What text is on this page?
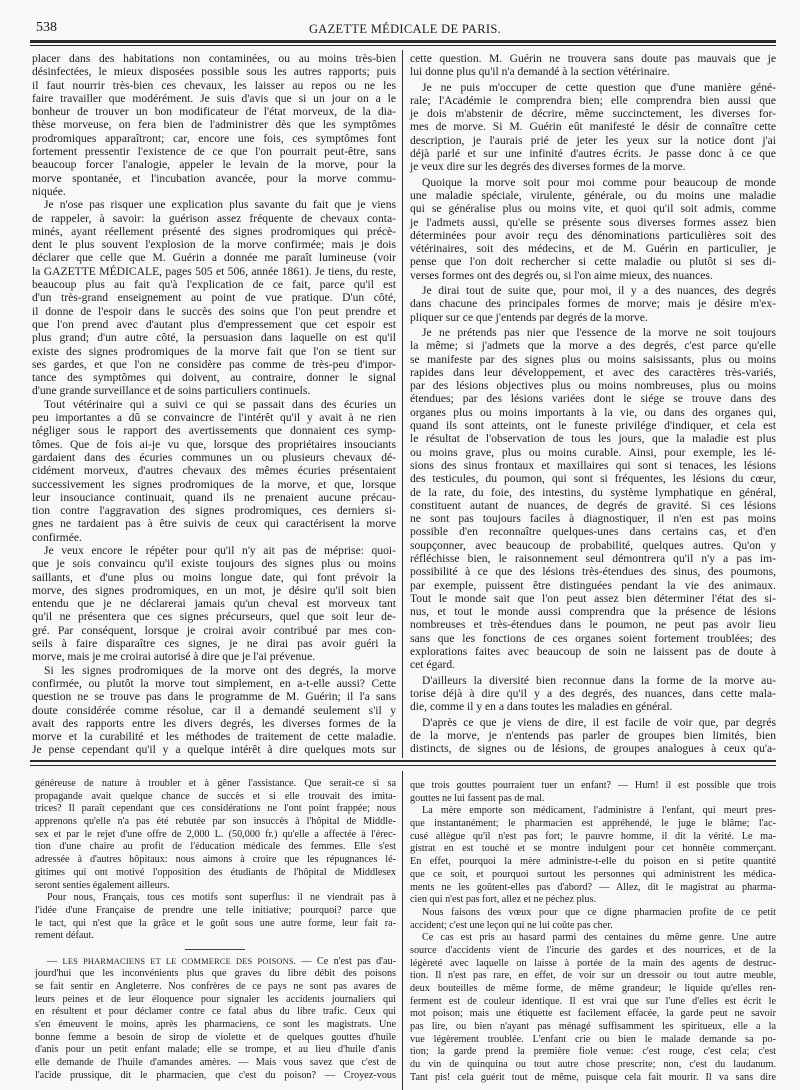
538	GAZETTE MÉDICALE DE PARIS.
placer dans des habitations non contaminées, ou au moins très-bien
désinfectées, le mieux disposées possible sous les autres rapports; puis
il faut nourrir très-bien ces chevaux, les laisser au repos ou ne les
faire travailler que modérément. Je suis d'avis que si un jour on a le
bonheur de trouver un bon modificateur de l'état morveux, de la dia-
thèse morveuse, on fera bien de l'administrer dès que les symptômes
prodromiques apparaîtront; car, encore une fois, ces symptômes font
fortement pressentir l'existence de ce que l'on pourrait peut-être, sans
beaucoup forcer l'analogie, appeler le levain de la morve, pour la
morve spontanée, et l'incubation avancée, pour la morve commu-
niquée.
Je n'ose pas risquer une explication plus savante du fait que je viens
de rappeler, à savoir: la guérison assez fréquente de chevaux conta-
minés, ayant réellement présenté des signes prodromiques qui précè-
dent le plus souvent l'explosion de la morve confirmée; mais je dois
déclarer que celle que M. Guérin a donnée me paraît lumineuse (voir
la GAZETTE MÉDICALE, pages 505 et 506, année 1861). Je tiens, du reste,
beaucoup plus au fait qu'à l'explication de ce fait, parce qu'il est
d'un très-grand enseignement au point de vue pratique. D'un côté,
il donne de l'espoir dans le succès des soins que l'on peut prendre et
que l'on prend avec d'autant plus d'empressement que cet espoir est
plus grand; d'un autre côté, la persuasion dans laquelle on est qu'il
existe des signes prodromiques de la morve fait que l'on se tient sur
ses gardes, et que l'on ne considère pas comme de très-peu d'impor-
tance des symptômes qui doivent, au contraire, donner le signal
d'une grande surveillance et de soins particuliers continuels.
Tout vétérinaire qui a suivi ce qui se passait dans des écuries un
peu importantes a dû se convaincre de l'intérêt qu'il y avait à ne rien
négliger sous le rapport des avertissements que donnaient ces symp-
tômes. Que de fois ai-je vu que, lorsque des propriétaires insouciants
gardaient dans des écuries communes un ou plusieurs chevaux dé-
cidément morveux, d'autres chevaux des mêmes écuries présentaient
successivement les signes prodromiques de la morve, et que, lorsque
leur insouciance continuait, quand ils ne prenaient aucune précau-
tion contre l'aggravation des signes prodromiques, ces derniers si-
gnes ne tardaient pas à être suivis de ceux qui caractérisent la morve
confirmée.
Je veux encore le répéter pour qu'il n'y ait pas de méprise: quoi-
que je sois convaincu qu'il existe toujours des signes plus ou moins
saillants, et d'une plus ou moins longue date, qui font prévoir la
morve, des signes prodromiques, en un mot, je désire qu'il soit bien
entendu que je ne déclarerai jamais qu'un cheval est morveux tant
qu'il ne présentera que ces signes précurseurs, quel que soit leur de-
gré. Par conséquent, lorsque je croirai avoir contribué par mes con-
seils à faire disparaître ces signes, je ne dirai pas avoir guéri la
morve, mais je me croirai autorisé à dire que je l'ai prévenue.
Si les signes prodromiques de la morve ont des degrés, la morve
confirmée, ou plutôt la morve tout simplement, en a-t-elle aussi? Cette
question ne se trouve pas dans le programme de M. Guérin; il l'a sans
doute considérée comme résolue, car il a demandé seulement s'il y
avait des rapports entre les divers degrés, les diverses formes de la
morve et la curabilité et les méthodes de traitement de cette maladie.
Je pense cependant qu'il y a quelque intérêt à dire quelques mots sur
cette question. M. Guérin ne trouvera sans doute pas mauvais que je
lui donne plus qu'il n'a demandé à la section vétérinaire.
Je ne puis m'occuper de cette question que d'une manière géné-
rale; l'Académie le comprendra bien; elle comprendra bien aussi que
je dois m'abstenir de décrire, même succinctement, les diverses for-
mes de morve. Si M. Guérin eût manifesté le désir de connaître cette
description, je l'aurais prié de jeter les yeux sur la notice dont j'ai
déjà parlé et sur une infinité d'autres écrits. Je passe donc à ce que
je veux dire sur les degrés des diverses formes de la morve.
Quoique la morve soit pour moi comme pour beaucoup de monde
une maladie spéciale, virulente, générale, ou du moins une maladie
qui se généralise plus ou moins vite, et quoi qu'il soit admis, comme
je l'admets aussi, qu'elle se présente sous diverses formes assez bien
déterminées pour avoir reçu des dénominations particulières soit des
vétérinaires, soit des médecins, et de M. Guérin en particulier, je
pense que l'on doit rechercher si cette maladie ou plutôt si ses di-
verses formes ont des degrés ou, si l'on aime mieux, des nuances.
Je dirai tout de suite que, pour moi, il y a des nuances, des degrés
dans chacune des principales formes de morve; mais je désire m'ex-
pliquer sur ce que j'entends par degrés de la morve.
Je ne prétends pas nier que l'essence de la morve ne soit toujours
la même; si j'admets que la morve a des degrés, c'est parce qu'elle
se manifeste par des signes plus ou moins saisissants, plus ou moins
rapides dans leur développement, et avec des caractères très-variés,
par des lésions objectives plus ou moins nombreuses, plus ou moins
étendues; par des lésions variées dont le siége se trouve dans des
organes plus ou moins importants à la vie, ou dans des organes qui,
quand ils sont atteints, ont le funeste privilége d'indiquer, et cela est
le résultat de l'observation de tous les jours, que la maladie est plus
ou moins grave, plus ou moins curable. Ainsi, pour exemple, les lé-
sions des sinus frontaux et maxillaires qui sont si tenaces, les lésions
des testicules, du poumon, qui sont si fréquentes, les lésions du cœur,
de la rate, du foie, des intestins, du système lymphatique en général,
constituent autant de nuances, de degrés de gravité. Si ces lésions
ne sont pas toujours faciles à diagnostiquer, il n'en est pas moins
possible d'en reconnaître quelques-unes dans certains cas, et d'en
soupçonner, avec beaucoup de probabilité, quelques autres. Qu'on y
réfléchisse bien, le raisonnement seul démontrera qu'il n'y a pas im-
possibilité à ce que des lésions très-étendues des sinus, des poumons,
par exemple, puissent être distinguées pendant la vie des animaux.
Tout le monde sait que l'on peut assez bien déterminer l'état des si-
nus, et tout le monde aussi comprendra que la présence de lésions
nombreuses et très-étendues dans le poumon, ne peut pas avoir lieu
sans que les fonctions de ces organes soient fortement troublées; des
explorations faites avec beaucoup de soin ne laissent pas de doute à
cet égard.
D'ailleurs la diversité bien reconnue dans la forme de la morve au-
torise déjà à dire qu'il y a des degrés, des nuances, dans cette mala-
die, comme il y en a dans toutes les maladies en général.
D'après ce que je viens de dire, il est facile de voir que, par degrés
de la morve, je n'entends pas parler de groupes bien limités, bien
distincts, de signes ou de lésions, de groupes analogues à ceux qu'a-
généreuse de nature à troubler et à gêner l'assistance. Que serait-ce si sa
propagande avait quelque chance de succès et si elle trouvait des imita-
trices? Il paraît cependant que ces considérations ne l'ont point frappée; nous
apprenons qu'elle n'a pas été rebutée par son insuccès à l'hôpital de Middle-
sex et par le rejet d'une offre de 2,000 L. (50,000 fr.) qu'elle a affectée à l'érec-
tion d'une chaire au profit de l'éducation médicale des femmes. Elle s'est
adressée à d'autres hôpitaux: nous aimons à croire que les répugnances lé-
gitimes qui ont motivé l'opposition des étudiants de l'hôpital de Middlesex
seront senties également ailleurs.
Pour nous, Français, tous ces motifs sont superflus: il ne viendrait pas à
l'idée d'une Française de prendre une telle initiative; pourquoi? parce que
le tact, qui n'est que la grâce et le goût sous une autre forme, leur fait ra-
rement défaut.
— LES PHARMACIENS ET LE COMMERCE DES POISONS. — Ce n'est pas d'au-
jourd'hui que les inconvénients plus que graves du libre débit des poisons
se fait sentir en Angleterre. Nos confrères de ce pays ne sont pas avares de
leurs peines et de leur éloquence pour signaler les accidents journaliers qui
en résultent et pour déclamer contre ce fatal abus du libre trafic. Ceux qui
s'en émeuvent le moins, après les pharmaciens, ce sont les magistrats. Une
bonne femme a besoin de sirop de violette et de quelques gouttes d'huile
d'anis pour un petit enfant malade; elle se trompe, et au lieu d'huile d'anis
elle demande de l'huile d'amandes amères. — Mais vous savez que c'est de
l'acide prussique, dit le pharmacien, que c'est du poison? — Croyez-vous
que trois gouttes pourraient tuer un enfant? — Hum! il est possible que trois
gouttes ne lui fassent pas de mal.
La mère emporte son médicament, l'administre à l'enfant, qui meurt pres-
que instantanément; le pharmacien est appréhendé, le juge le blâme; l'ac-
cusé allègue qu'il n'est pas fort; le pauvre homme, il dit la vérité. Le ma-
gistrat en est touché et se montre indulgent pour cet honnête commerçant.
En effet, pourquoi la mère administre-t-elle du poison en si petite quantité
que ce soit, et pourquoi surtout les personnes qui administrent les médica-
ments ne les goûtent-elles pas d'abord? — Allez, dit le magistrat au pharma-
cien qui n'est pas fort, allez et ne péchez plus.
Nous faisons des vœux pour que ce digne pharmacien profite de ce petit
accident; c'est une leçon qui ne lui coûte pas cher.
Ce cas est pris au hasard parmi des centaines du même genre. Une autre
source d'accidents vient de l'incurie des gardes et des nourrices, et de la
légèreté avec laquelle on laisse à portée de la main des agents de destruc-
tion. Il n'est pas rare, en effet, de voir sur un dressoir ou tout autre meuble,
deux bouteilles de même forme, de même grandeur; le liquide qu'elles ren-
ferment est de couleur identique. Il est vrai que sur l'une d'elles est écrit le
mot poison; mais une étiquette est facilement effacée, la garde peut ne savoir
pas lire, ou bien n'ayant pas ménagé suffisamment les spiritueux, elle a la
vue légèrement troublée. L'enfant crie ou bien le malade demande sa po-
tion; la garde prend la première fiole venue: c'est rouge, c'est cela; c'est
du vin de quinquina ou tout autre chose prescrite; non, c'est du laudanum.
Tant pis! cela guérit tout de même, puisque cela fait mourir. Il va sans dire
